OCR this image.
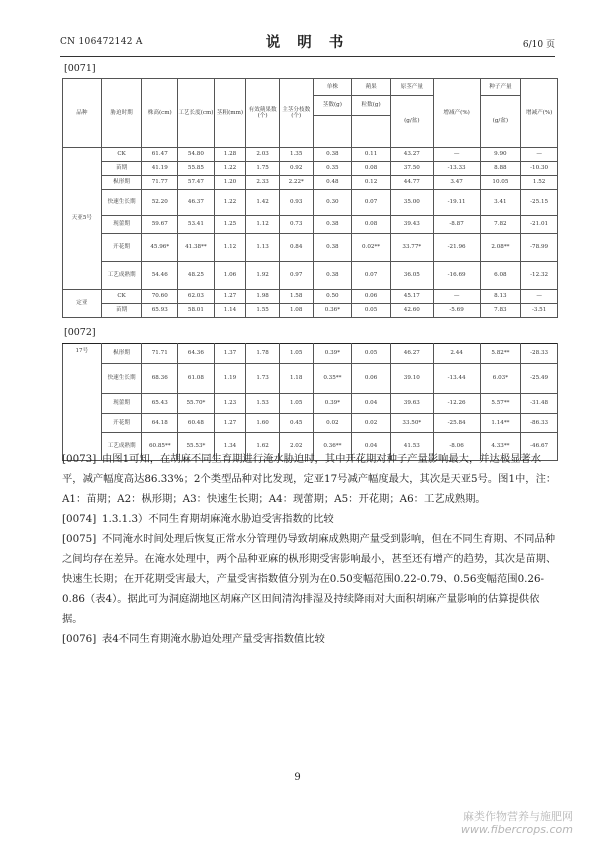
CN 106472142 A	说 明 书	6/10 页
[0071]
品种	胁迫时期	株高(cm)	工艺长度(cm)	茎粗(mm)	有效蒴果数(个)	主茎分枝数(个)	单株	蒴果	原茎产量	增减产(%)	种子产量	增减产(%)
							茎数(g)	粒数(g)	(g/盆)		(g/盆)	

天亚5号	CK	61.47	54.80	1.28	2.03	1.35	0.38	0.11	43.27	—	9.90	—
	苗期	41.19	55.85	1.22	1.75	0.92	0.35	0.08	37.50	-13.33	8.88	-10.30
	枞形期	71.77	57.47	1.20	2.33	2.22*	0.48	0.12	44.77	3.47	10.05	1.52
	快速生长期	52.20	46.37	1.22	1.42	0.93	0.30	0.07	35.00	-19.11	3.41	-25.15
	现蕾期	59.67	53.41	1.25	1.12	0.73	0.38	0.08	39.43	-8.87	7.82	-21.01
	开花期	45.96*	41.38**	1.12	1.13	0.84	0.38	0.02**	33.77*	-21.96	2.08**	-78.99
	工艺成熟期	54.46	48.25	1.06	1.92	0.97	0.38	0.07	36.05	-16.69	6.08	-12.32
定亚	CK	70.60	62.03	1.27	1.98	1.58	0.50	0.06	45.17	—	8.13	—
	苗期	65.93	58.01	1.14	1.55	1.08	0.36*	0.05	42.60	-5.69	7.83	-3.51
[0072]
17号	枞形期	71.71	64.36	1.37	1.78	1.05	0.39*	0.05	46.27	2.44	5.82**	-28.33
	快速生长期	68.36	61.08	1.19	1.73	1.18	0.35**	0.06	39.10	-13.44	6.03*	-25.49
	现蕾期	65.43	55.70*	1.23	1.53	1.05	0.39*	0.04	39.63	-12.26	5.57**	-31.48
	开花期	64.18	60.48	1.27	1.60	0.45	0.02	0.02	33.50*	-25.84	1.14**	-86.33
	工艺成熟期	60.85**	55.53*	1.34	1.62	2.02	0.36**	0.04	41.53	-8.06	4.33**	-46.67

[0073] 由图1可知，在胡麻不同生育期进行淹水胁迫时，其中开花期对种子产量影响最大，并达极显著水平，减产幅度高达86.33%；2个类型品种对比发现，定亚17号减产幅度最大，其次是天亚5号。图1中，注：A1：苗期；A2：枞形期；A3：快速生长期；A4：现蕾期；A5：开花期；A6：工艺成熟期。

[0074] 1.3.1.3）不同生育期胡麻淹水胁迫受害指数的比较

[0075] 不同淹水时间处理后恢复正常水分管理仍导致胡麻成熟期产量受到影响，但在不同生育期、不同品种之间均存在差异。在淹水处理中，两个品种亚麻的枞形期受害影响最小，甚至还有增产的趋势，其次是苗期、快速生长期；在开花期受害最大，产量受害指数值分别为在0.50变幅范围0.22-0.79、0.56变幅范围0.26-0.86（表4）。据此可为洞庭湖地区胡麻产区田间清沟排湿及持续降雨对大面积胡麻产量影响的估算提供依据。

[0076] 表4不同生育期淹水胁迫处理产量受害指数值比较

9
麻类作物营养与施肥网
www.fibercrops.com
